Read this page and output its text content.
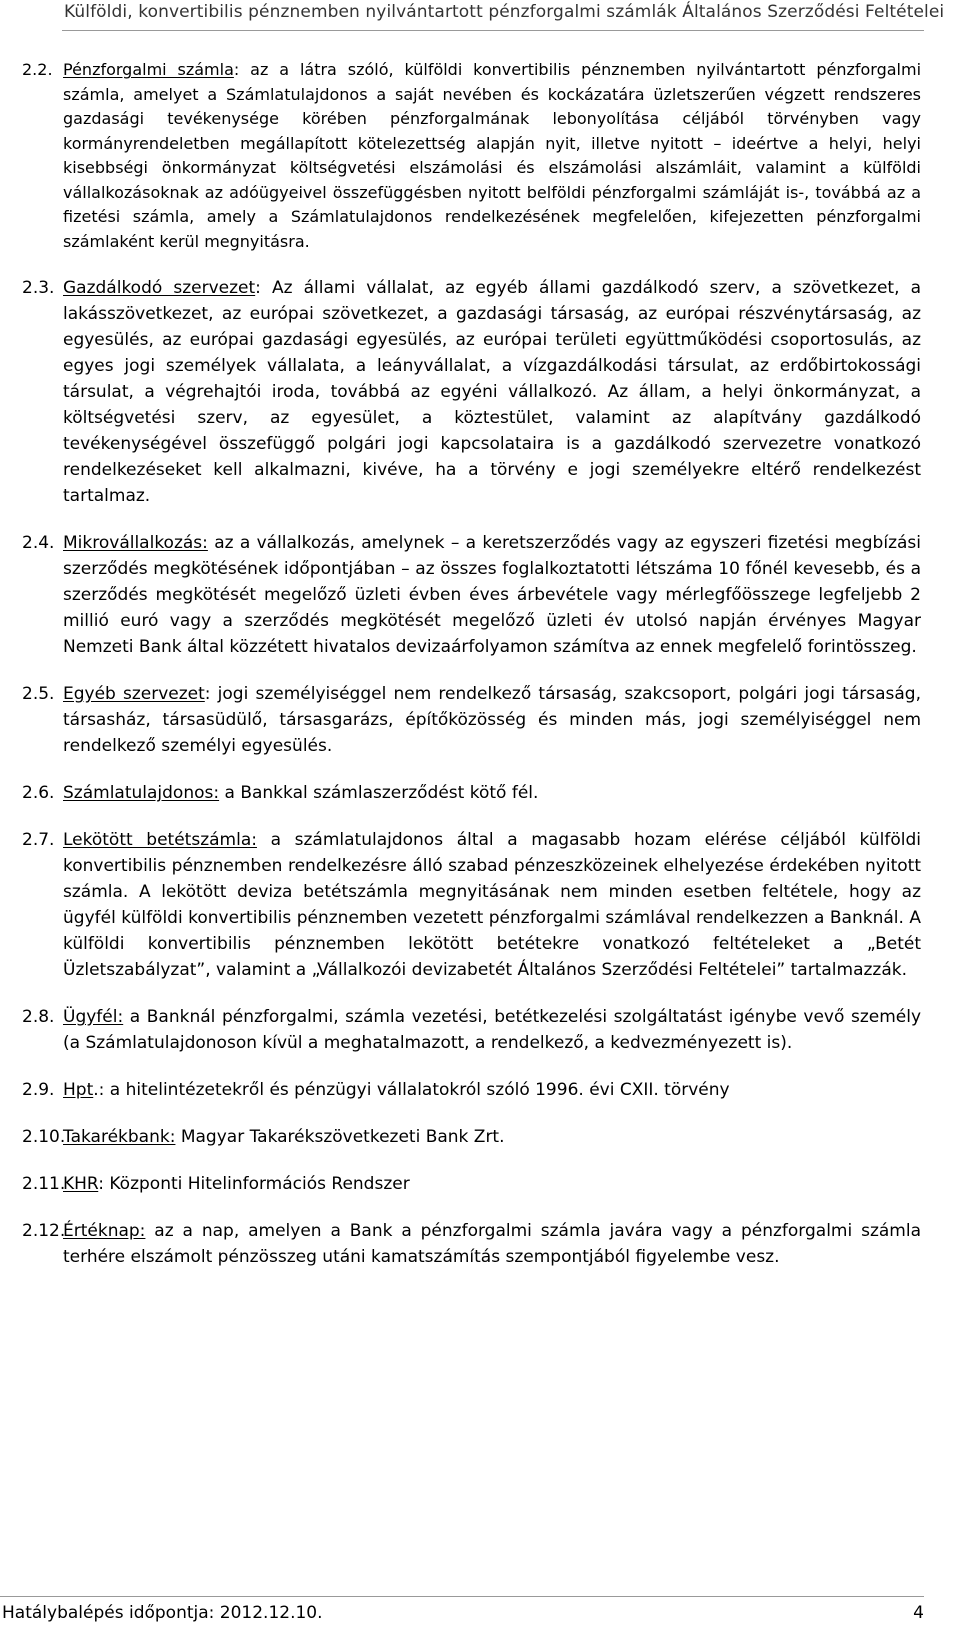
Külföldi, konvertibilis pénznemben nyilvántartott pénzforgalmi számlák Általános Szerződési Feltételei
2.2. Pénzforgalmi számla: az a látra szóló, külföldi konvertibilis pénznemben nyilvántartott pénzforgalmi számla, amelyet a Számlatulajdonos a saját nevében és kockázatára üzletszerűen végzett rendszeres gazdasági tevékenysége körében pénzforgalmának lebonyolítása céljából törvényben vagy kormányrendeletben megállapított kötelezettség alapján nyit, illetve nyitott – ideértve a helyi, helyi kisebbségi önkormányzat költségvetési elszámolási és elszámolási alszámláit, valamint a külföldi vállalkozásoknak az adóügyeivel összefüggésben nyitott belföldi pénzforgalmi számláját is-, továbbá az a fizetési számla, amely a Számlatulajdonos rendelkezésének megfelelően, kifejezetten pénzforgalmi számlaként kerül megnyitásra.
2.3. Gazdálkodó szervezet: Az állami vállalat, az egyéb állami gazdálkodó szerv, a szövetkezet, a lakásszövetkezet, az európai szövetkezet, a gazdasági társaság, az európai részvénytársaság, az egyesülés, az európai gazdasági egyesülés, az európai területi együttműködési csoportosulás, az egyes jogi személyek vállalata, a leányvállalat, a vízgazdálkodási társulat, az erdőbirtokossági társulat, a végrehajtói iroda, továbbá az egyéni vállalkozó. Az állam, a helyi önkormányzat, a költségvetési szerv, az egyesület, a köztestület, valamint az alapítvány gazdálkodó tevékenységével összefüggő polgári jogi kapcsolataira is a gazdálkodó szervezetre vonatkozó rendelkezéseket kell alkalmazni, kivéve, ha a törvény e jogi személyekre eltérő rendelkezést tartalmaz.
2.4. Mikrovállalkozás: az a vállalkozás, amelynek – a keretszerződés vagy az egyszeri fizetési megbízási szerződés megkötésének időpontjában – az összes foglalkoztatotti létszáma 10 főnél kevesebb, és a szerződés megkötését megelőző üzleti évben éves árbevétele vagy mérlegfőösszege legfeljebb 2 millió euró vagy a szerződés megkötését megelőző üzleti év utolsó napján érvényes Magyar Nemzeti Bank által közzétett hivatalos devizaárfolyamon számítva az ennek megfelelő forintösszeg.
2.5. Egyéb szervezet: jogi személyiséggel nem rendelkező társaság, szakcsoport, polgári jogi társaság, társasház, társasüdülő, társasgarázs, építőközösség és minden más, jogi személyiséggel nem rendelkező személyi egyesülés.
2.6. Számlatulajdonos: a Bankkal számlaszerződést kötő fél.
2.7. Lekötött betétszámla: a számlatulajdonos által a magasabb hozam elérése céljából külföldi konvertibilis pénznemben rendelkezésre álló szabad pénzeszközeinek elhelyezése érdekében nyitott számla. A lekötött deviza betétszámla megnyitásának nem minden esetben feltétele, hogy az ügyfél külföldi konvertibilis pénznemben vezetett pénzforgalmi számlával rendelkezzen a Banknál. A külföldi konvertibilis pénznemben lekötött betétekre vonatkozó feltételeket a „Betét Üzletszabályzat”, valamint a „Vállalkozói devizabetét Általános Szerződési Feltételei” tartalmazzák.
2.8. Ügyfél: a Banknál pénzforgalmi, számla vezetési, betétkezelési szolgáltatást igénybe vevő személy (a Számlatulajdonoson kívül a meghatalmazott, a rendelkező, a kedvezményezett is).
2.9. Hpt.: a hitelintézetekről és pénzügyi vállalatokról szóló 1996. évi CXII. törvény
2.10.
Takarékbank: Magyar Takarékszövetkezeti Bank Zrt.
2.11.
KHR: Központi Hitelinformációs Rendszer
2.12.
Értéknap: az a nap, amelyen a Bank a pénzforgalmi számla javára vagy a pénzforgalmi számla terhére elszámolt pénzösszeg utáni kamatszámítás szempontjából figyelembe vesz.
Hatálybalépés időpontja: 2012.12.10.	4
